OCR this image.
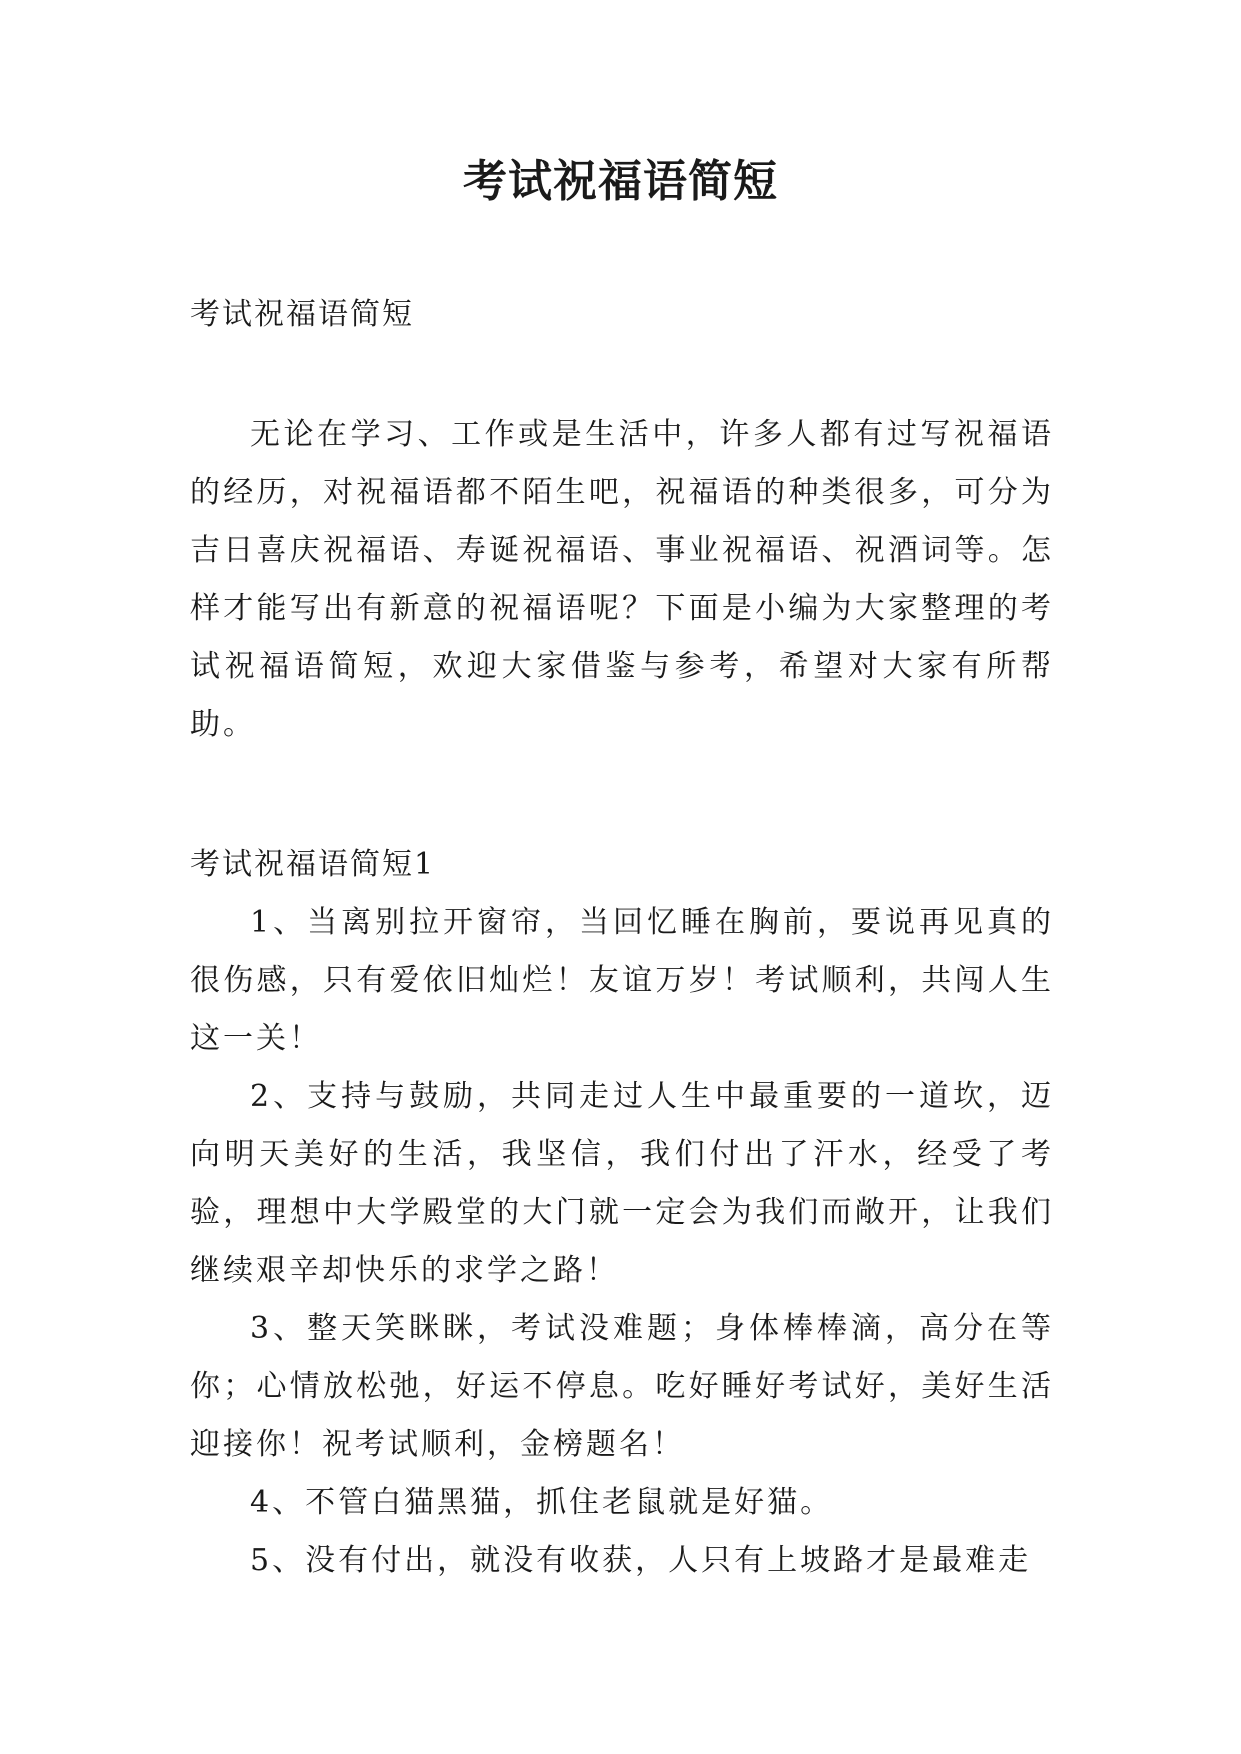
考试祝福语简短

考试祝福语简短

无论在学习、工作或是生活中，许多人都有过写祝福语的经历，对祝福语都不陌生吧，祝福语的种类很多，可分为吉日喜庆祝福语、寿诞祝福语、事业祝福语、祝酒词等。怎样才能写出有新意的祝福语呢？下面是小编为大家整理的考试祝福语简短，欢迎大家借鉴与参考，希望对大家有所帮助。

考试祝福语简短1

1、当离别拉开窗帘，当回忆睡在胸前，要说再见真的很伤感，只有爱依旧灿烂！友谊万岁！考试顺利，共闯人生这一关！

2、支持与鼓励，共同走过人生中最重要的一道坎，迈向明天美好的生活，我坚信，我们付出了汗水，经受了考验，理想中大学殿堂的大门就一定会为我们而敞开，让我们继续艰辛却快乐的求学之路！

3、整天笑眯眯，考试没难题；身体棒棒滴，高分在等你；心情放松弛，好运不停息。吃好睡好考试好，美好生活迎接你！祝考试顺利，金榜题名！

4、不管白猫黑猫，抓住老鼠就是好猫。

5、没有付出，就没有收获，人只有上坡路才是最难走
